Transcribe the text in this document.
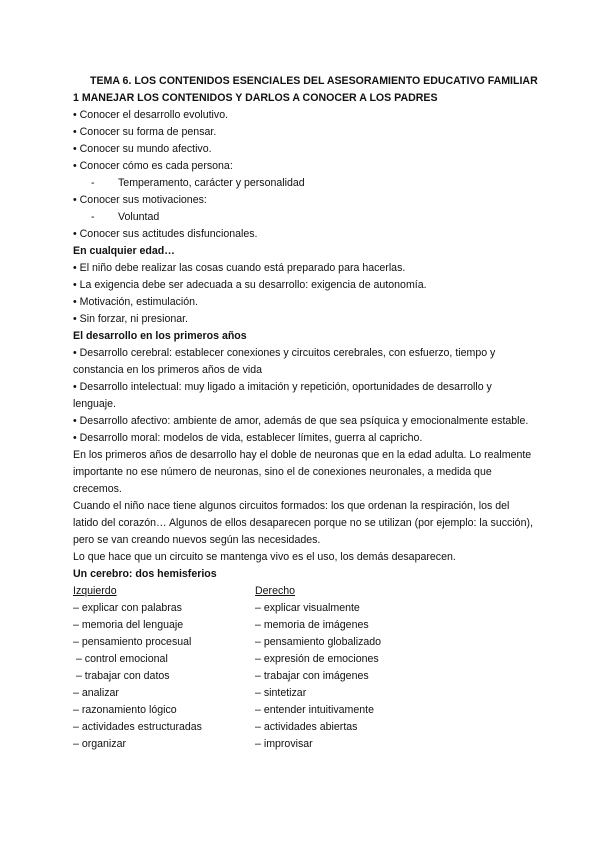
TEMA 6. LOS CONTENIDOS ESENCIALES DEL ASESORAMIENTO EDUCATIVO FAMILIAR
1 MANEJAR LOS CONTENIDOS Y DARLOS A CONOCER A LOS PADRES
• Conocer el desarrollo evolutivo.
• Conocer su forma de pensar.
• Conocer su mundo afectivo.
• Conocer cómo es cada persona:
- Temperamento, carácter y personalidad
• Conocer sus motivaciones:
- Voluntad
• Conocer sus actitudes disfuncionales.
En cualquier edad…
• El niño debe realizar las cosas cuando está preparado para hacerlas.
• La exigencia debe ser adecuada a su desarrollo: exigencia de autonomía.
• Motivación, estimulación.
• Sin forzar, ni presionar.
El desarrollo en los primeros años
• Desarrollo cerebral: establecer conexiones y circuitos cerebrales, con esfuerzo, tiempo y constancia en los primeros años de vida
• Desarrollo intelectual: muy ligado a imitación y repetición, oportunidades de desarrollo y lenguaje.
• Desarrollo afectivo: ambiente de amor, además de que sea psíquica y emocionalmente estable.
• Desarrollo moral: modelos de vida, establecer límites, guerra al capricho.
En los primeros años de desarrollo hay el doble de neuronas que en la edad adulta. Lo realmente importante no ese número de neuronas, sino el de conexiones neuronales, a medida que crecemos.
Cuando el niño nace tiene algunos circuitos formados: los que ordenan la respiración, los del latido del corazón… Algunos de ellos desaparecen porque no se utilizan (por ejemplo: la succión), pero se van creando nuevos según las necesidades.
Lo que hace que un circuito se mantenga vivo es el uso, los demás desaparecen.
Un cerebro: dos hemisferios
Izquierdo
– explicar con palabras
– memoria del lenguaje
– pensamiento procesual
– control emocional
– trabajar con datos
– analizar
– razonamiento lógico
– actividades estructuradas
– organizar
Derecho
– explicar visualmente
– memoria de imágenes
– pensamiento globalizado
– expresión de emociones
– trabajar con imágenes
– sintetizar
– entender intuitivamente
– actividades abiertas
– improvisar
